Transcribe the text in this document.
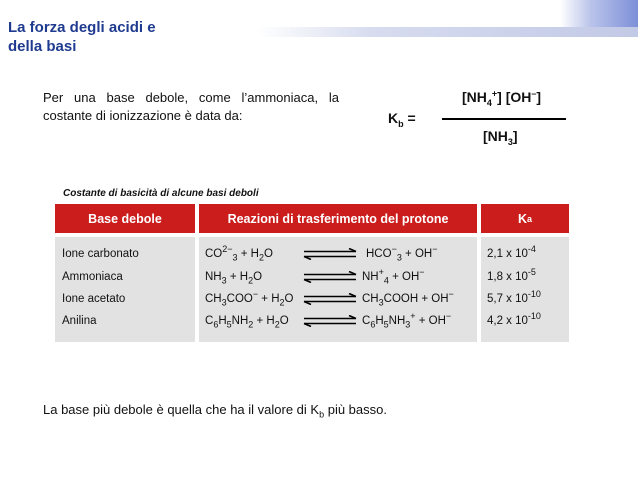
La forza degli acidi e
della basi
Per una base debole, come l’ammoniaca, la costante di ionizzazione è data da:	$K_b$ =
$[NH_4^+]$ [OH–]
$[NH_3]$
Costante di basicità di alcune basi deboli
Base debole	Reazioni di trasferimento del protone	K a
Ione carbonato	$CO^{2-}_3 + H_2O$ ⇌ $HCO^-_3 + OH^-$	2,1 x $10^{-4}$
Ammoniaca	$NH_3 + H_2O$ ⇌ $NH^+_4 + OH^-$	1,8 x $10^{-5}$
Ione acetato	$CH_3COO^- + H_2O$ ⇌ $CH_3COOH + OH^-$	5,7 x $10^{-10}$
Anilina	$C_6H_5NH_2 + H_2O$ ⇌ $C_6H_5NH_3^+ + OH^-$	4,2 x $10^{-10}$
La base più debole è quella che ha il valore di $K_b$ più basso.
